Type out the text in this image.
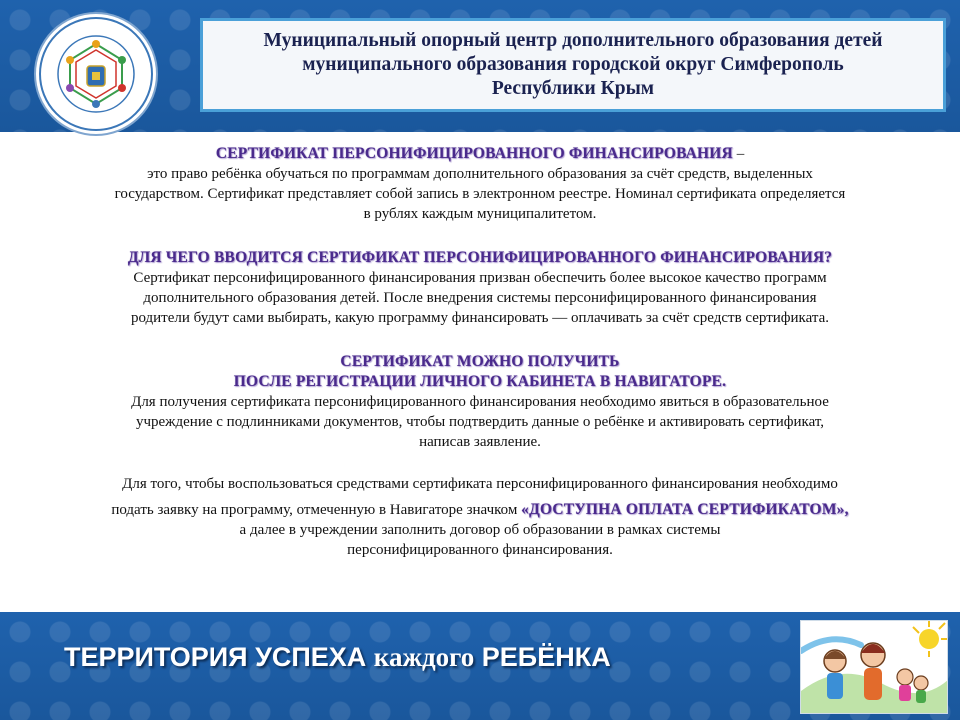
Муниципальный опорный центр дополнительного образования детей
муниципального образования городской округ Симферополь
Республики Крым
СЕРТИФИКАТ ПЕРСОНИФИЦИРОВАННОГО ФИНАНСИРОВАНИЯ –
это право ребёнка обучаться по программам дополнительного образования за счёт средств, выделенных
государством. Сертификат представляет собой запись в электронном реестре. Номинал сертификата определяется
в рублях каждым муниципалитетом.
ДЛЯ ЧЕГО ВВОДИТСЯ СЕРТИФИКАТ ПЕРСОНИФИЦИРОВАННОГО ФИНАНСИРОВАНИЯ?
Сертификат персонифицированного финансирования призван обеспечить более высокое качество программ
дополнительного образования детей. После внедрения системы персонифицированного финансирования
родители будут сами выбирать, какую программу финансировать — оплачивать за счёт средств сертификата.
СЕРТИФИКАТ МОЖНО ПОЛУЧИТЬ
ПОСЛЕ РЕГИСТРАЦИИ ЛИЧНОГО КАБИНЕТА В НАВИГАТОРЕ.
Для получения сертификата персонифицированного финансирования необходимо явиться в образовательное
учреждение с подлинниками документов, чтобы подтвердить данные о ребёнке и активировать сертификат,
написав заявление.
Для того, чтобы воспользоваться средствами сертификата персонифицированного финансирования необходимо
подать заявку на программу, отмеченную в Навигаторе значком «ДОСТУПНА ОПЛАТА СЕРТИФИКАТОМ»,
а далее в учреждении заполнить договор об образовании в рамках системы
персонифицированного финансирования.
ТЕРРИТОРИЯ УСПЕХА каждого РЕБЁНКА
